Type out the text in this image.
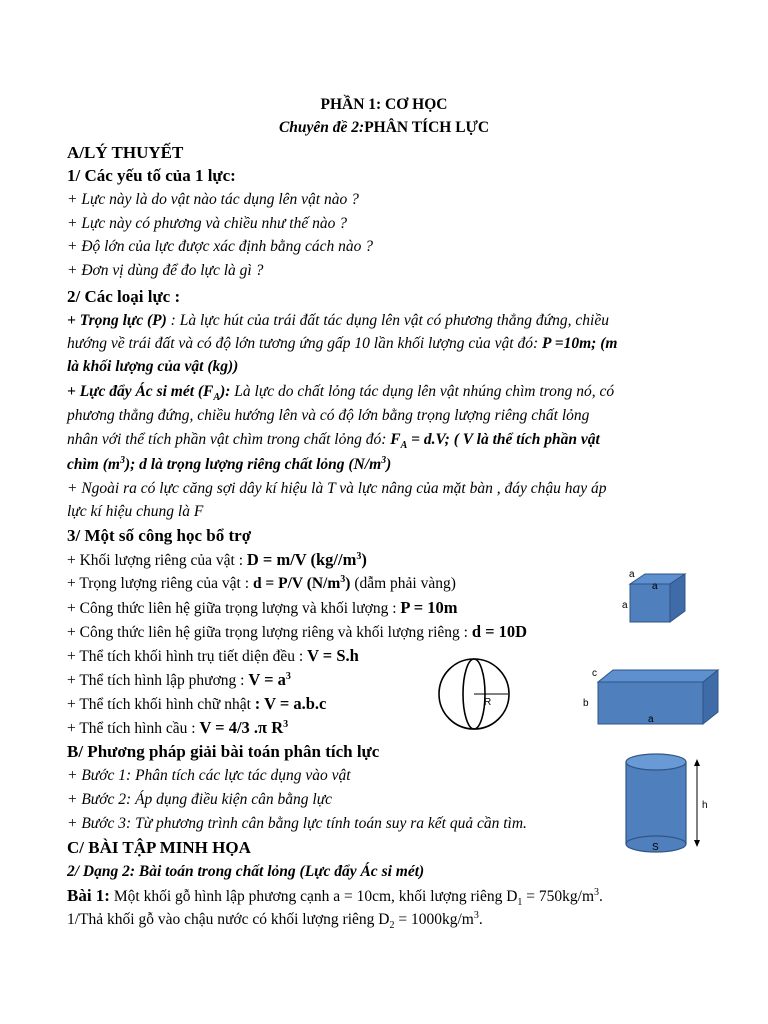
PHẦN 1: CƠ HỌC
Chuyên đề 2:PHÂN TÍCH LỰC
A/LÝ THUYẾT
1/ Các yếu tố của 1 lực:
+ Lực này là do vật nào tác dụng lên vật nào ?
+ Lực này có phương và chiều như thế nào ?
+ Độ lớn của lực được xác định bằng cách nào ?
+ Đơn vị dùng để đo lực là gì ?
2/ Các loại lực :
+ Trọng lực (P) : Là lực hút của trái đất tác dụng lên vật có phương thẳng đứng, chiều
hướng về trái đất và có độ lớn tương ứng gấp 10 lần khối lượng của vật đó: P =10m; (m
là khối lượng của vật (kg))
+ Lực đẩy Ác si mét $(F_A)$: Là lực do chất lỏng tác dụng lên vật nhúng chìm trong nó, có
phương thẳng đứng, chiều hướng lên và có độ lớn bằng trọng lượng riêng chất lỏng
nhân với thể tích phần vật chìm trong chất lỏng đó: $F_A = d.V$; ( V là thể tích phần vật
chìm $(m^3)$; d là trọng lượng riêng chất lỏng $(N/m^3)$
+ Ngoài ra có lực căng sợi dây kí hiệu là T và lực nâng của mặt bàn , đáy chậu hay áp
lực kí hiệu chung là F
3/ Một số công học bổ trợ
+ Khối lượng riêng của vật : D = m/V $(kg//m^3)$
+ Trọng lượng riêng của vật : d = P/V $(N/m^3)$ (dẫm phải vàng)
+ Công thức liên hệ giữa trọng lượng và khối lượng : P = 10m
+ Công thức liên hệ giữa trọng lượng riêng và khối lượng riêng : d = 10D
+ Thể tích khối hình trụ tiết diện đều : V = S.h
+ Thể tích hình lập phương : $V = a^3$
+ Thể tích khối hình chữ nhật : V = a.b.c
+ Thể tích hình cầu : V = 4/3 .π $R^3$
B/ Phương pháp giải bài toán phân tích lực
+ Bước 1: Phân tích các lực tác dụng vào vật
+ Bước 2: Áp dụng điều kiện cân bằng lực
+ Bước 3: Từ phương trình cân bằng lực tính toán suy ra kết quả cần tìm.
C/ BÀI TẬP MINH HỌA
2/ Dạng 2: Bài toán trong chất lỏng (Lực đẩy Ác si mét)
Bài 1: Một khối gỗ hình lập phương cạnh a = 10cm, khối lượng riêng $D_1 = 750kg/m^3$.
1/Thả khối gỗ vào chậu nước có khối lượng riêng $D_2 = 1000kg/m^3$.
a
a
a
c
b
a
R
h
S
